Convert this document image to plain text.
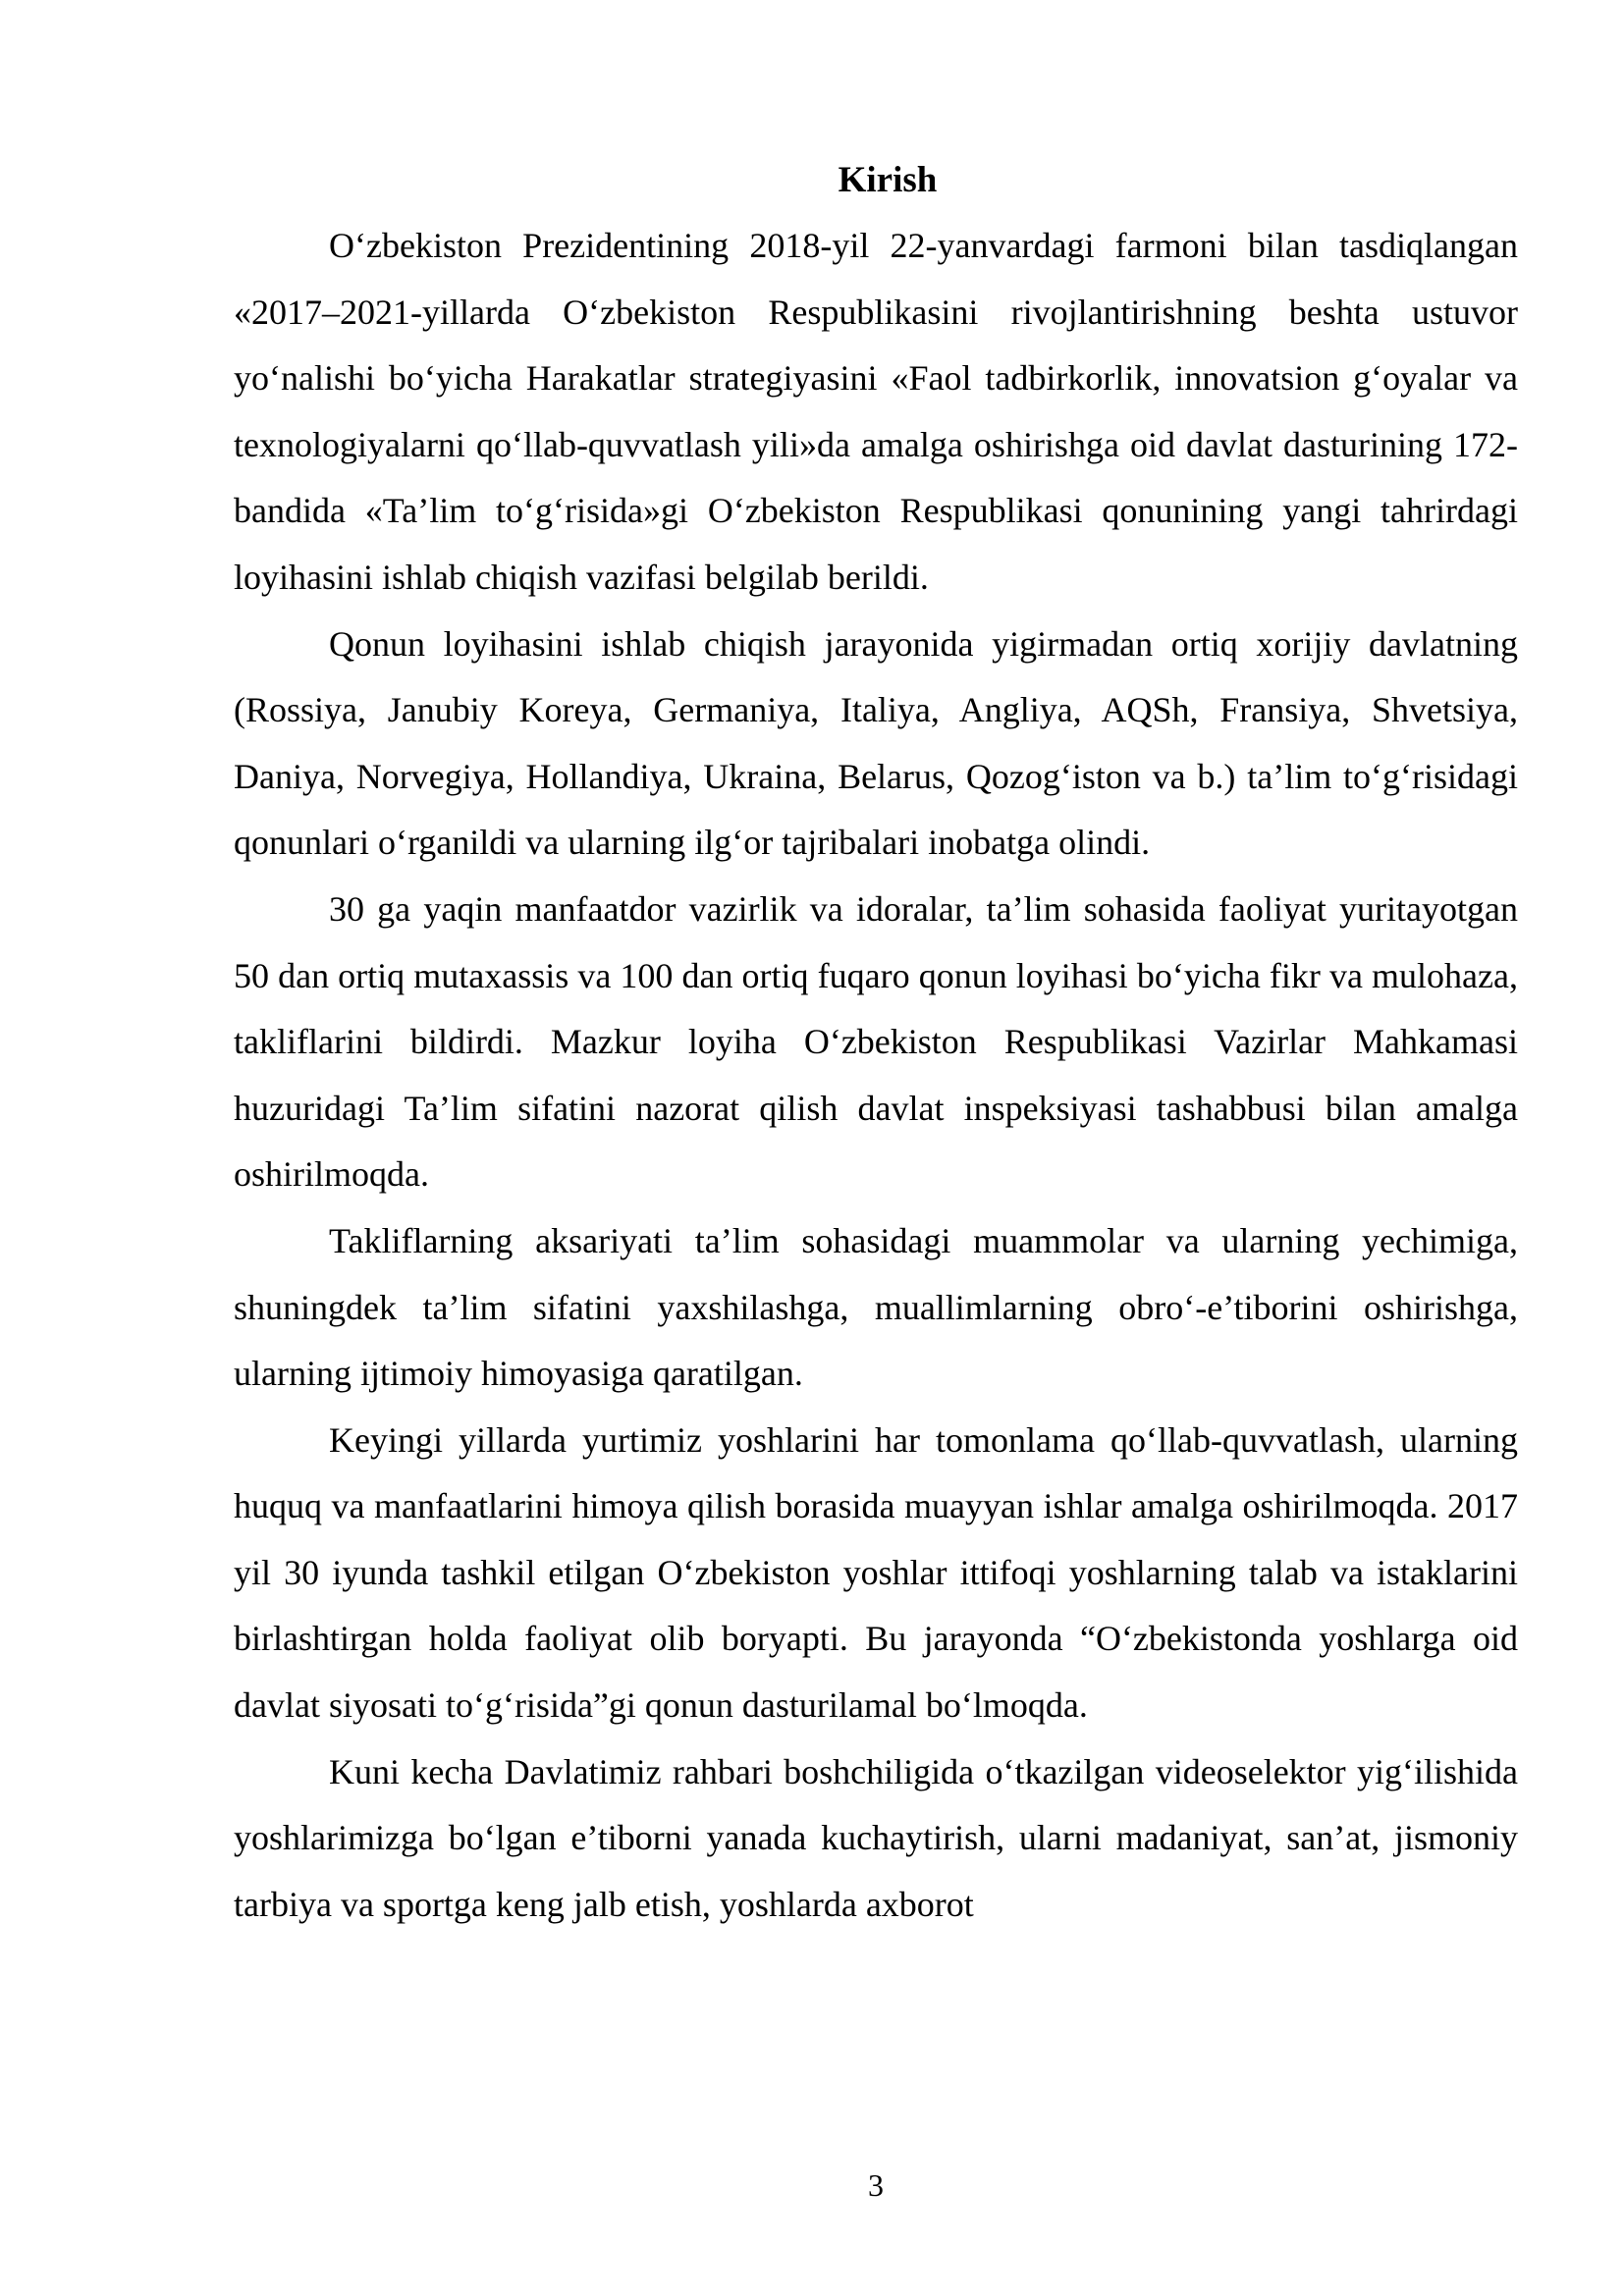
Kirish

O‘zbekiston Prezidentining 2018-yil 22-yanvardagi farmoni bilan tasdiqlangan «2017–2021-yillarda O‘zbekiston Respublikasini rivojlantirishning beshta ustuvor yo‘nalishi bo‘yicha Harakatlar strategiyasini «Faol tadbirkorlik, innovatsion g‘oyalar va texnologiyalarni qo‘llab-quvvatlash yili»da amalga oshirishga oid davlat dasturining 172-bandida «Ta’lim to‘g‘risida»gi O‘zbekiston Respublikasi qonunining yangi tahrirdagi loyihasini ishlab chiqish vazifasi belgilab berildi.

Qonun loyihasini ishlab chiqish jarayonida yigirmadan ortiq xorijiy davlatning (Rossiya, Janubiy Koreya, Germaniya, Italiya, Angliya, AQSh, Fransiya, Shvetsiya, Daniya, Norvegiya, Hollandiya, Ukraina, Belarus, Qozog‘iston va b.) ta’lim to‘g‘risidagi qonunlari o‘rganildi va ularning ilg‘or tajribalari inobatga olindi.

30 ga yaqin manfaatdor vazirlik va idoralar, ta’lim sohasida faoliyat yuritayotgan 50 dan ortiq mutaxassis va 100 dan ortiq fuqaro qonun loyihasi bo‘yicha fikr va mulohaza, takliflarini bildirdi. Mazkur loyiha O‘zbekiston Respublikasi Vazirlar Mahkamasi huzuridagi Ta’lim sifatini nazorat qilish davlat inspeksiyasi tashabbusi bilan amalga oshirilmoqda.

Takliflarning aksariyati ta’lim sohasidagi muammolar va ularning yechimiga, shuningdek ta’lim sifatini yaxshilashga, muallimlarning obro‘-e’tiborini oshirishga, ularning ijtimoiy himoyasiga qaratilgan.

Keyingi yillarda yurtimiz yoshlarini har tomonlama qo‘llab-quvvatlash, ularning huquq va manfaatlarini himoya qilish borasida muayyan ishlar amalga oshirilmoqda. 2017 yil 30 iyunda tashkil etilgan O‘zbekiston yoshlar ittifoqi yoshlarning talab va istaklarini birlashtirgan holda faoliyat olib boryapti. Bu jarayonda “O‘zbekistonda yoshlarga oid davlat siyosati to‘g‘risida”gi qonun dasturilamal bo‘lmoqda.

Kuni kecha Davlatimiz rahbari boshchiligida o‘tkazilgan videoselektor yig‘ilishida yoshlarimizga bo‘lgan e’tiborni yanada kuchaytirish, ularni madaniyat, san’at, jismoniy tarbiya va sportga keng jalb etish, yoshlarda axborot

3
